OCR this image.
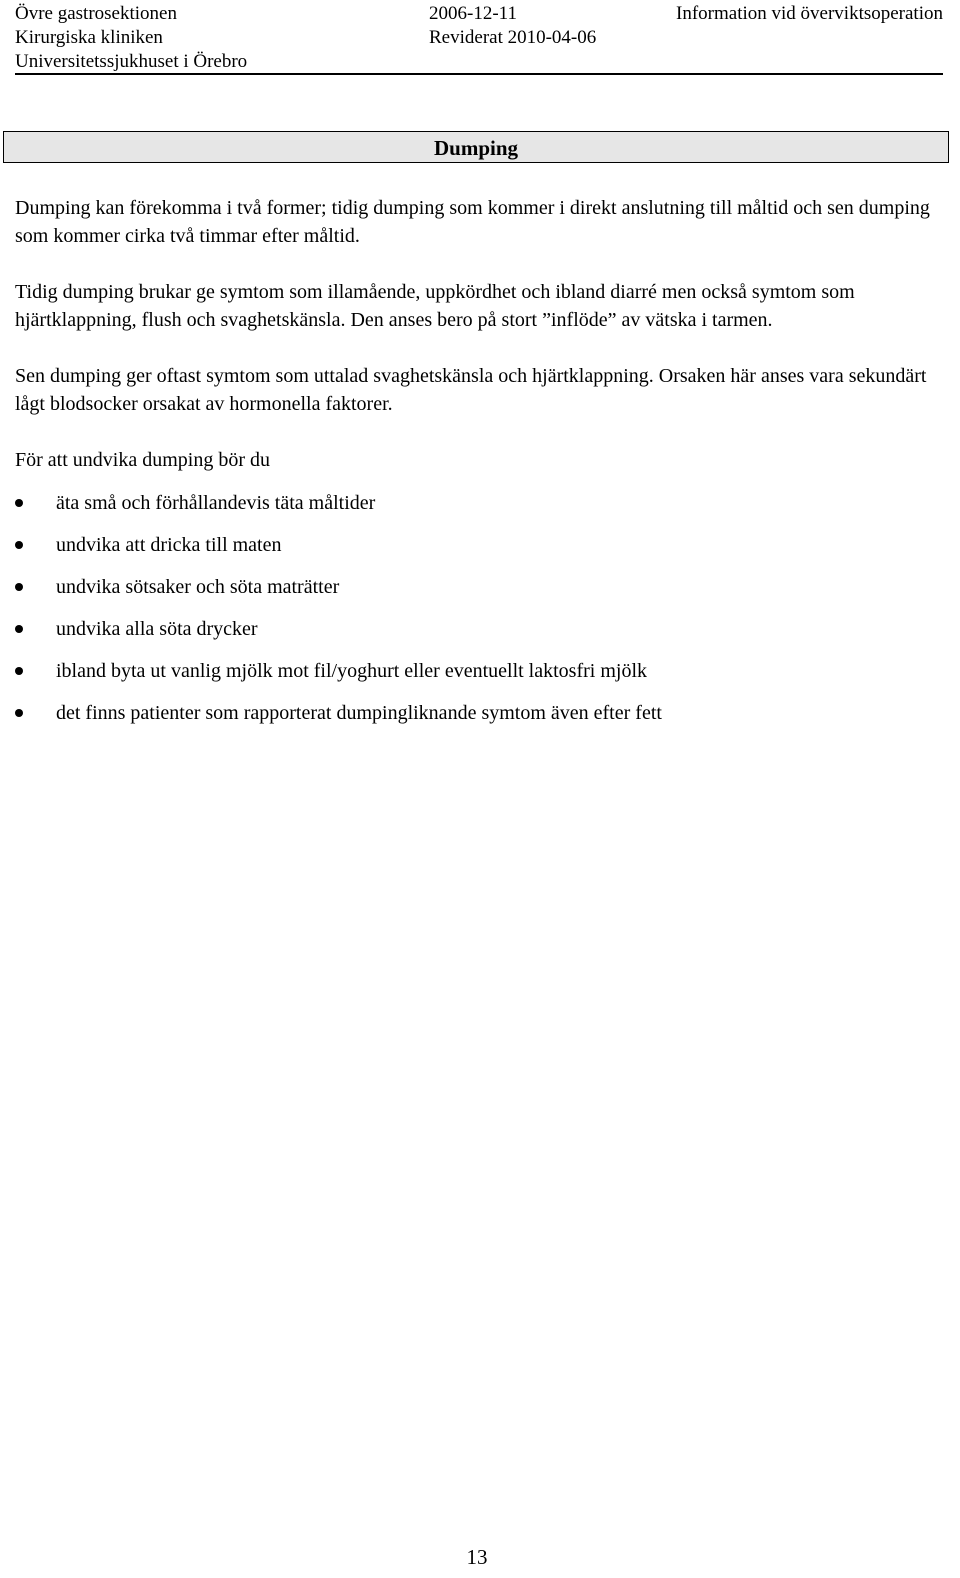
Övre gastrosektionen	2006-12-11	Information vid överviktsoperation
Kirurgiska kliniken	Reviderat 2010-04-06
Universitetssjukhuset i Örebro
Dumping

Dumping kan förekomma i två former; tidig dumping som kommer i direkt anslutning till måltid och sen dumping som kommer cirka två timmar efter måltid.

Tidig dumping brukar ge symtom som illamående, uppkördhet och ibland diarré men också symtom som hjärtklappning, flush och svaghetskänsla. Den anses bero på stort ”inflöde” av vätska i tarmen.

Sen dumping ger oftast symtom som uttalad svaghetskänsla och hjärtklappning. Orsaken här anses vara sekundärt lågt blodsocker orsakat av hormonella faktorer.

För att undvika dumping bör du

äta små och förhållandevis täta måltider
undvika att dricka till maten
undvika sötsaker och söta maträtter
undvika alla söta drycker
ibland byta ut vanlig mjölk mot fil/yoghurt eller eventuellt laktosfri mjölk
det finns patienter som rapporterat dumpingliknande symtom även efter fett
13
